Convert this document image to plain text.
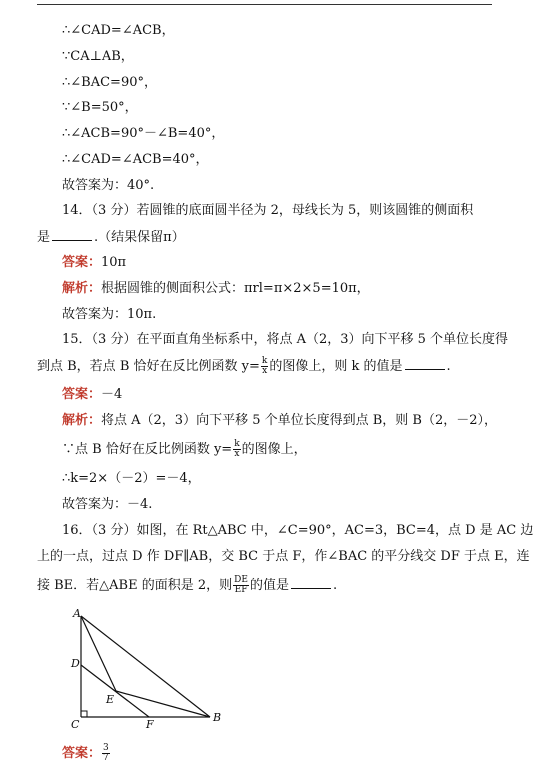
∴∠CAD=∠ACB，
∵CA⊥AB，
∴∠BAC=90°，
∵∠B=50°，
∴∠ACB=90°－∠B=40°，
∴∠CAD=∠ACB=40°，
故答案为：40°.
14．（3 分）若圆锥的底面圆半径为 2，母线长为 5，则该圆锥的侧面积
是	.（结果保留π）
答案：10π
解析：根据圆锥的侧面积公式：πrl=π×2×5=10π，
故答案为：10π.
15．（3 分）在平面直角坐标系中，将点 A（2，3）向下平移 5 个单位长度得
到点 B，若点 B 恰好在反比例函数 $y= \frac{k}{x}$ 的图像上，则 k 的值是	.
答案：－4
解析：将点 A（2，3）向下平移 5 个单位长度得到点 B，则 B（2，－2），
∵点 B 恰好在反比例函数 $y= \frac{k}{x}$ 的图像上，
∴k=2×（－2）=－4，
故答案为：－4.
16．（3 分）如图，在 Rt△ABC 中，∠C=90°，AC=3，BC=4，点 D 是 AC 边
上的一点，过点 D 作 DF∥AB，交 BC 于点 F，作∠BAC 的平分线交 DF 于点 E，连
接 BE．若△ABE 的面积是 2，则 $\frac{DE}{EF}$ 的值是	.
A
D
E
C	F
B
答案： $\frac{3}{7}$
